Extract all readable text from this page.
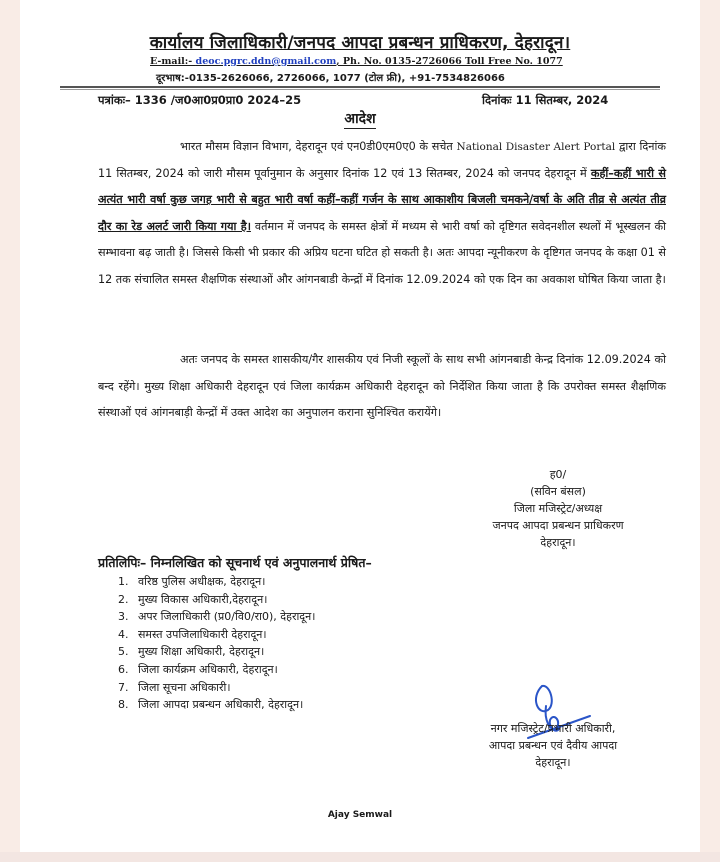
कार्यालय जिलाधिकारी/जनपद आपदा प्रबन्धन प्राधिकरण, देहरादून।
E-mail:- deoc.pgrc.ddn@gmail.com, Ph. No. 0135-2726066 Toll Free No. 1077
दूरभाष:-0135-2626066, 2726066, 1077 (टोल फ्री), +91-7534826066
पत्रांकः– 1336 /ज0आ0प्र0प्रा0 2024–25	दिनांकः 11 सितम्बर, 2024
आदेश
भारत मौसम विज्ञान विभाग, देहरादून एवं एन0डी0एम0ए0 के सचेत National Disaster Alert Portal द्वारा दिनांक 11 सितम्बर, 2024 को जारी मौसम पूर्वानुमान के अनुसार दिनांक 12 एवं 13 सितम्बर, 2024 को जनपद देहरादून में कहीं–कहीं भारी से अत्यंत भारी वर्षा कुछ जगह भारी से बहुत भारी वर्षा कहीं–कहीं गर्जन के साथ आकाशीय बिजली चमकने/वर्षा के अति तीव्र से अत्यंत तीव्र दौर का रेड अलर्ट जारी किया गया है। वर्तमान में जनपद के समस्त क्षेत्रों में मध्यम से भारी वर्षा को दृष्टिगत सवेदनशील स्थलों में भूस्खलन की सम्भावना बढ़ जाती है। जिससे किसी भी प्रकार की अप्रिय घटना घटित हो सकती है। अतः आपदा न्यूनीकरण के दृष्टिगत जनपद के कक्षा 01 से 12 तक संचालित समस्त शैक्षणिक संस्थाओं और आंगनबाडी केन्द्रों में दिनांक 12.09.2024 को एक दिन का अवकाश घोषित किया जाता है।
अतः जनपद के समस्त शासकीय/गैर शासकीय एवं निजी स्कूलों के साथ सभी आंगनबाडी केन्द्र दिनांक 12.09.2024 को बन्द रहेंगे। मुख्य शिक्षा अधिकारी देहरादून एवं जिला कार्यक्रम अधिकारी देहरादून को निर्देशित किया जाता है कि उपरोक्त समस्त शैक्षणिक संस्थाओं एवं आंगनबाड़ी केन्द्रों में उक्त आदेश का अनुपालन कराना सुनिश्चित करायेंगे।
ह0/
(सविन बंसल)
जिला मजिस्ट्रेट/अध्यक्ष
जनपद आपदा प्रबन्धन प्राधिकरण
देहरादून।
प्रतिलिपिः– निम्नलिखित को सूचनार्थ एवं अनुपालनार्थ प्रेषित–
1. वरिष्ठ पुलिस अधीक्षक, देहरादून।
2. मुख्य विकास अधिकारी,देहरादून।
3. अपर जिलाधिकारी (प्र0/वि0/रा0), देहरादून।
4. समस्त उपजिलाधिकारी देहरादून।
5. मुख्य शिक्षा अधिकारी, देहरादून।
6. जिला कार्यक्रम अधिकारी, देहरादून।
7. जिला सूचना अधिकारी।
8. जिला आपदा प्रबन्धन अधिकारी, देहरादून।
नगर मजिस्ट्रेट/प्रभारी अधिकारी,
आपदा प्रबन्धन एवं दैवीय आपदा
देहरादून।
Ajay Semwal
